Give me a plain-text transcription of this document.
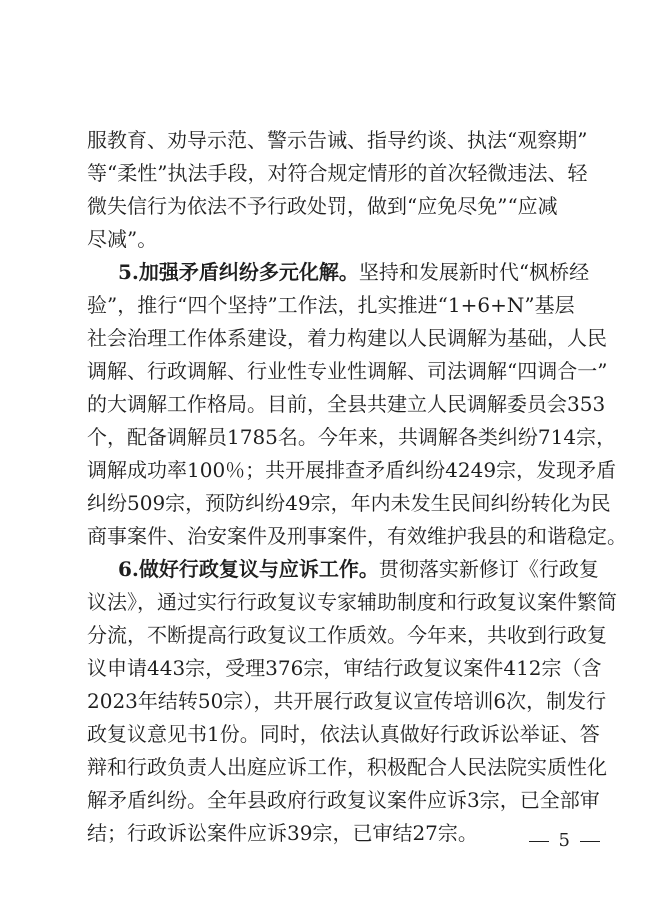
服教育、劝导示范、警示告诫、指导约谈、执法“观察期”
等“柔性”执法手段，对符合规定情形的首次轻微违法、轻
微失信行为依法不予行政处罚，做到“应免尽免”“应减
尽减”。
5.加强矛盾纠纷多元化解。坚持和发展新时代“枫桥经
验”，推行“四个坚持”工作法，扎实推进“1+6+N”基层
社会治理工作体系建设，着力构建以人民调解为基础，人民
调解、行政调解、行业性专业性调解、司法调解“四调合一”
的大调解工作格局。目前，全县共建立人民调解委员会353
个，配备调解员1785名。今年来，共调解各类纠纷714宗，
调解成功率100％；共开展排查矛盾纠纷4249宗，发现矛盾
纠纷509宗，预防纠纷49宗，年内未发生民间纠纷转化为民
商事案件、治安案件及刑事案件，有效维护我县的和谐稳定。
6.做好行政复议与应诉工作。贯彻落实新修订《行政复
议法》，通过实行行政复议专家辅助制度和行政复议案件繁简
分流，不断提高行政复议工作质效。今年来，共收到行政复
议申请443宗，受理376宗，审结行政复议案件412宗（含
2023年结转50宗），共开展行政复议宣传培训6次，制发行
政复议意见书1份。同时，依法认真做好行政诉讼举证、答
辩和行政负责人出庭应诉工作，积极配合人民法院实质性化
解矛盾纠纷。全年县政府行政复议案件应诉3宗，已全部审
结；行政诉讼案件应诉39宗，已审结27宗。	5
